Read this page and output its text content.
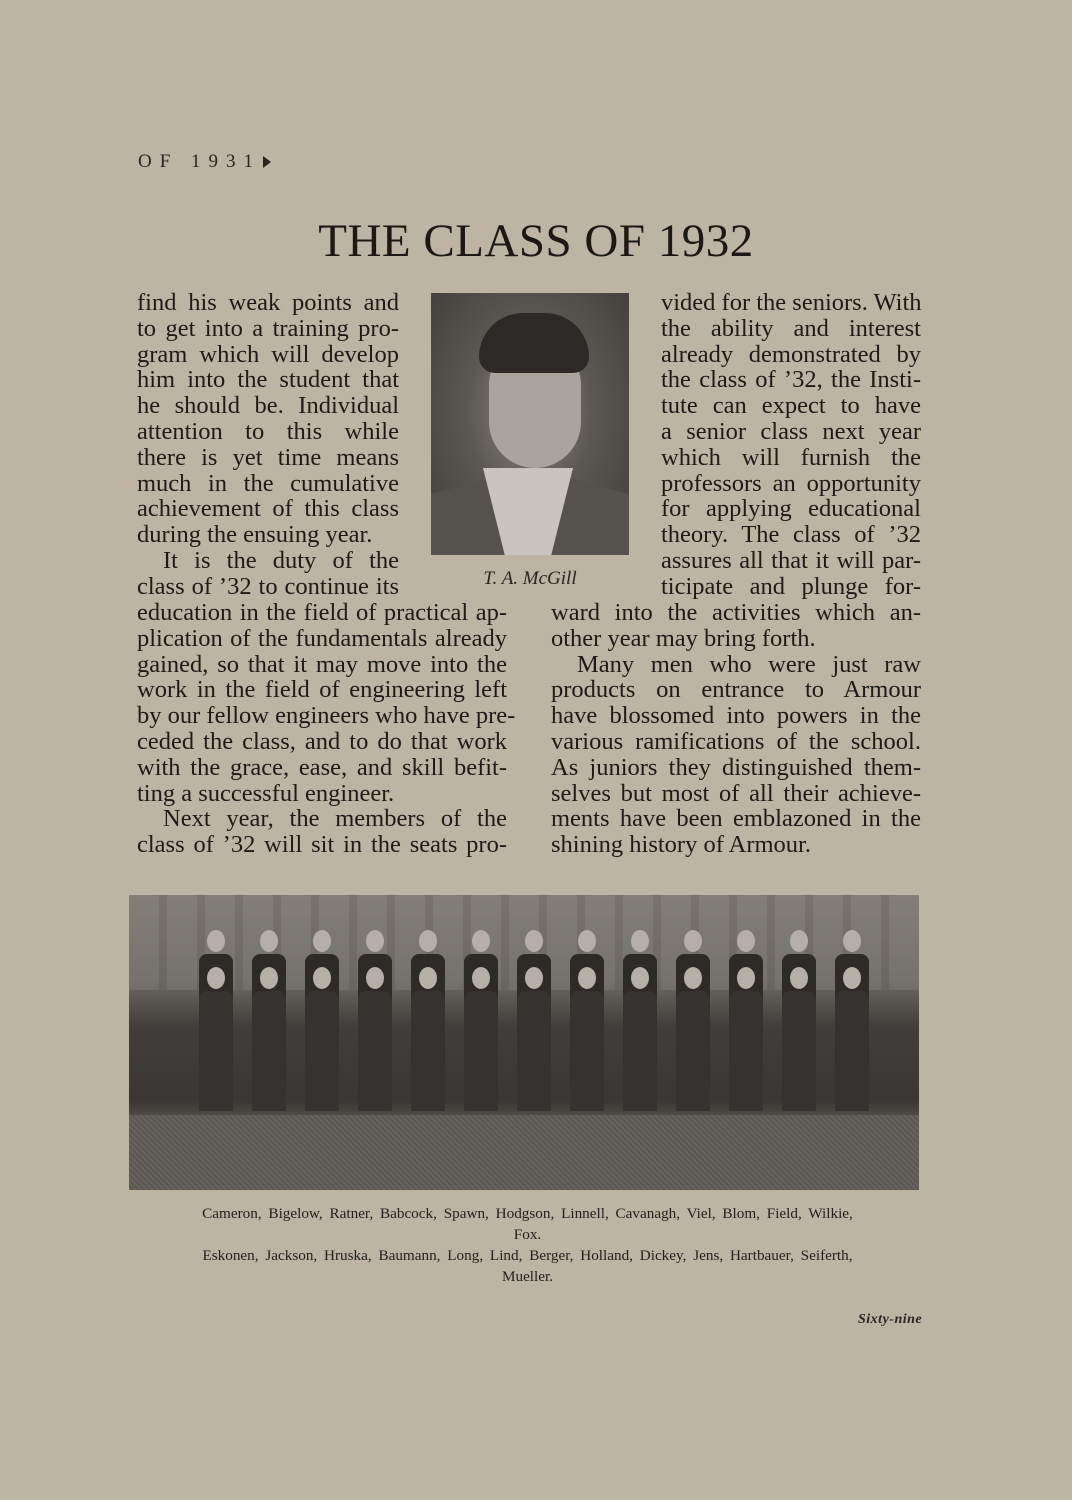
OF 1931
THE CLASS OF 1932
find his weak points and
to get into a training pro-
gram which will develop
him into the student that
he should be. Individual
attention to this while
there is yet time means
much in the cumulative
achievement of this class
during the ensuing year.
It is the duty of the
class of ’32 to continue its	T. A. McGill
vided for the seniors. With
the ability and interest
already demonstrated by
the class of ’32, the Insti-
tute can expect to have
a senior class next year
which will furnish the
professors an opportunity
for applying educational
theory. The class of ’32
assures all that it will par-
ticipate and plunge for-
education in the field of practical ap-
plication of the fundamentals already
gained, so that it may move into the
work in the field of engineering left
by our fellow engineers who have pre-
ceded the class, and to do that work
with the grace, ease, and skill befit-
ting a successful engineer.
Next year, the members of the
class of ’32 will sit in the seats pro-
ward into the activities which an-
other year may bring forth.
Many men who were just raw
products on entrance to Armour
have blossomed into powers in the
various ramifications of the school.
As juniors they distinguished them-
selves but most of all their achieve-
ments have been emblazoned in the
shining history of Armour.
Cameron, Bigelow, Ratner, Babcock, Spawn, Hodgson, Linnell, Cavanagh, Viel, Blom, Field, Wilkie, Fox.
Eskonen, Jackson, Hruska, Baumann, Long, Lind, Berger, Holland, Dickey, Jens, Hartbauer, Seiferth,
Mueller.
Sixty-nine
